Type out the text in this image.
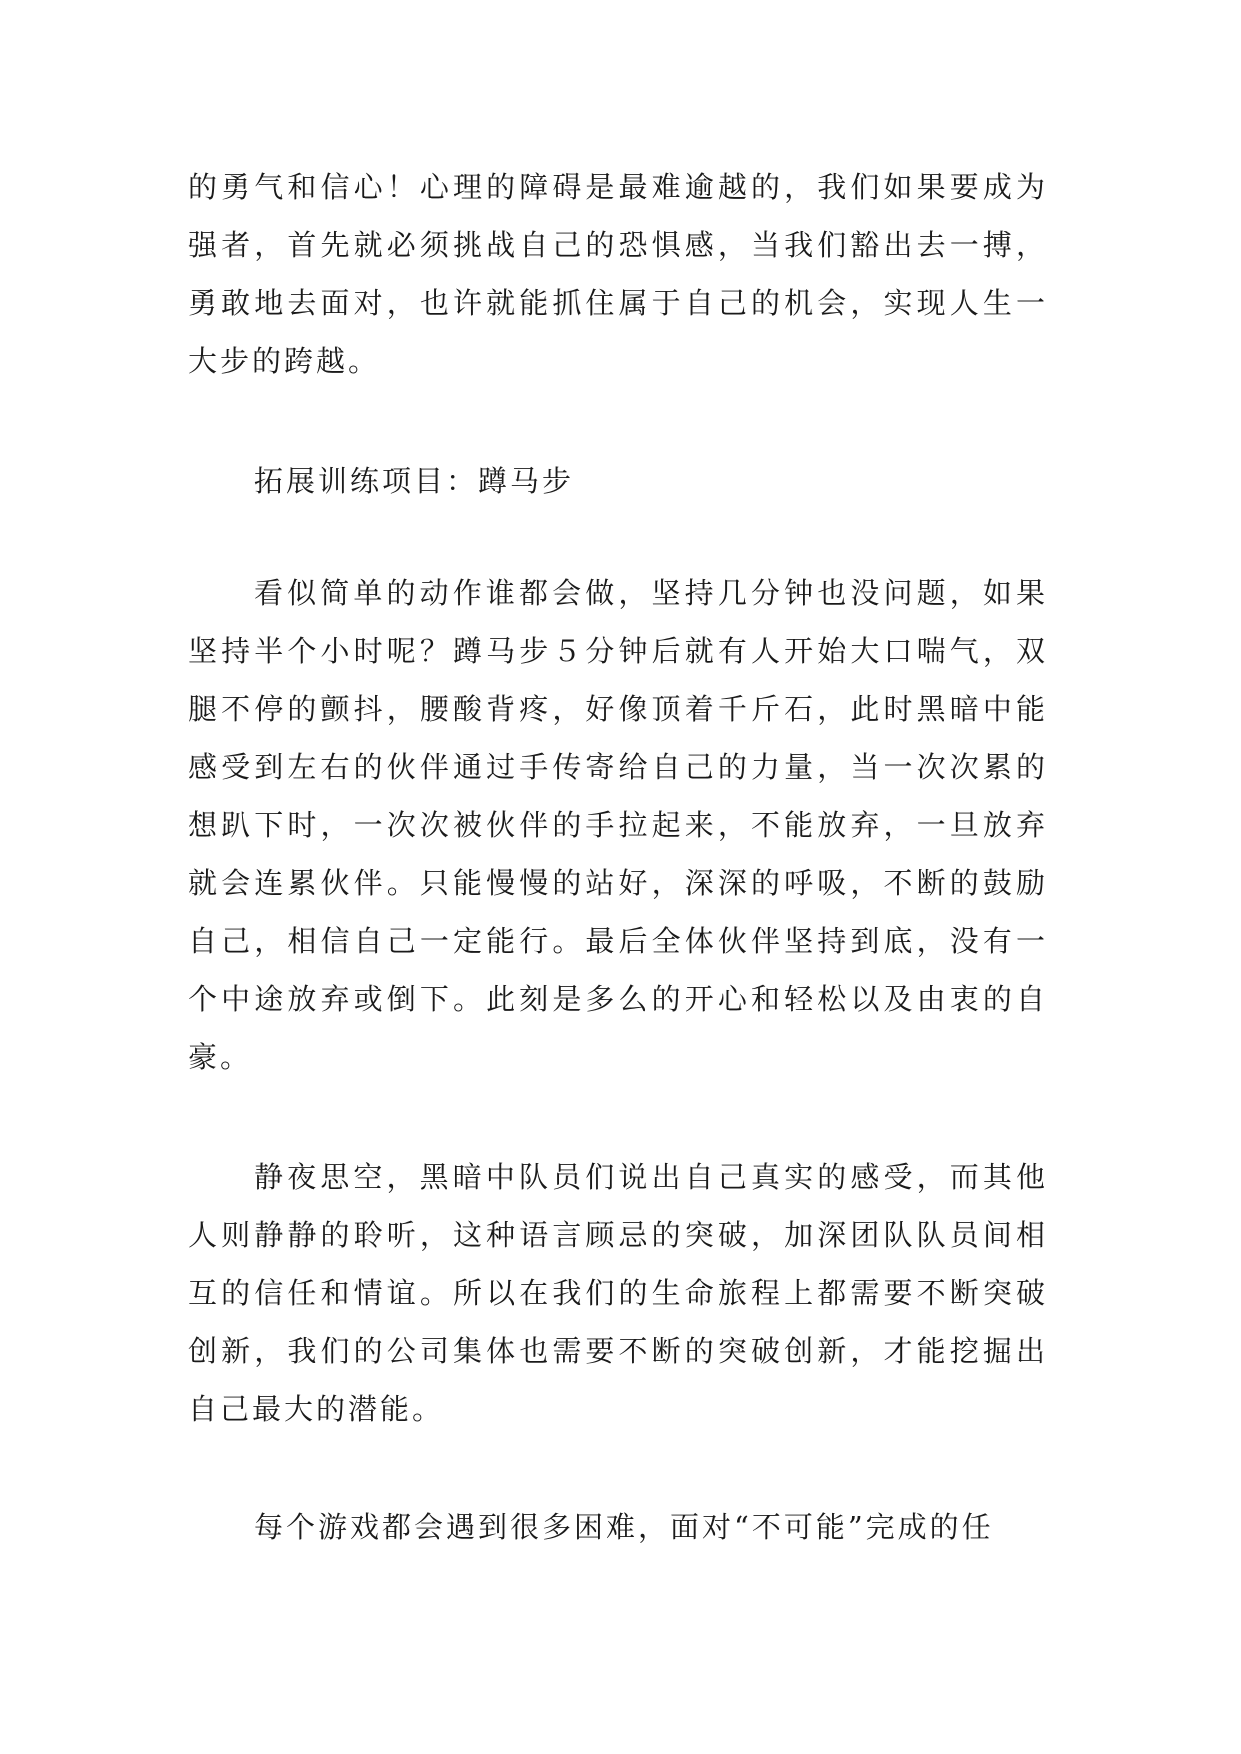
的勇气和信心！心理的障碍是最难逾越的，我们如果要成为强者，首先就必须挑战自己的恐惧感，当我们豁出去一搏，勇敢地去面对，也许就能抓住属于自己的机会，实现人生一大步的跨越。

拓展训练项目：蹲马步

看似简单的动作谁都会做，坚持几分钟也没问题，如果坚持半个小时呢？蹲马步５分钟后就有人开始大口喘气，双腿不停的颤抖，腰酸背疼，好像顶着千斤石，此时黑暗中能感受到左右的伙伴通过手传寄给自己的力量，当一次次累的想趴下时，一次次被伙伴的手拉起来，不能放弃，一旦放弃就会连累伙伴。只能慢慢的站好，深深的呼吸，不断的鼓励自己，相信自己一定能行。最后全体伙伴坚持到底，没有一个中途放弃或倒下。此刻是多么的开心和轻松以及由衷的自豪。

静夜思空，黑暗中队员们说出自己真实的感受，而其他人则静静的聆听，这种语言顾忌的突破，加深团队队员间相互的信任和情谊。所以在我们的生命旅程上都需要不断突破创新，我们的公司集体也需要不断的突破创新，才能挖掘出自己最大的潜能。

每个游戏都会遇到很多困难，面对“不可能”完成的任
